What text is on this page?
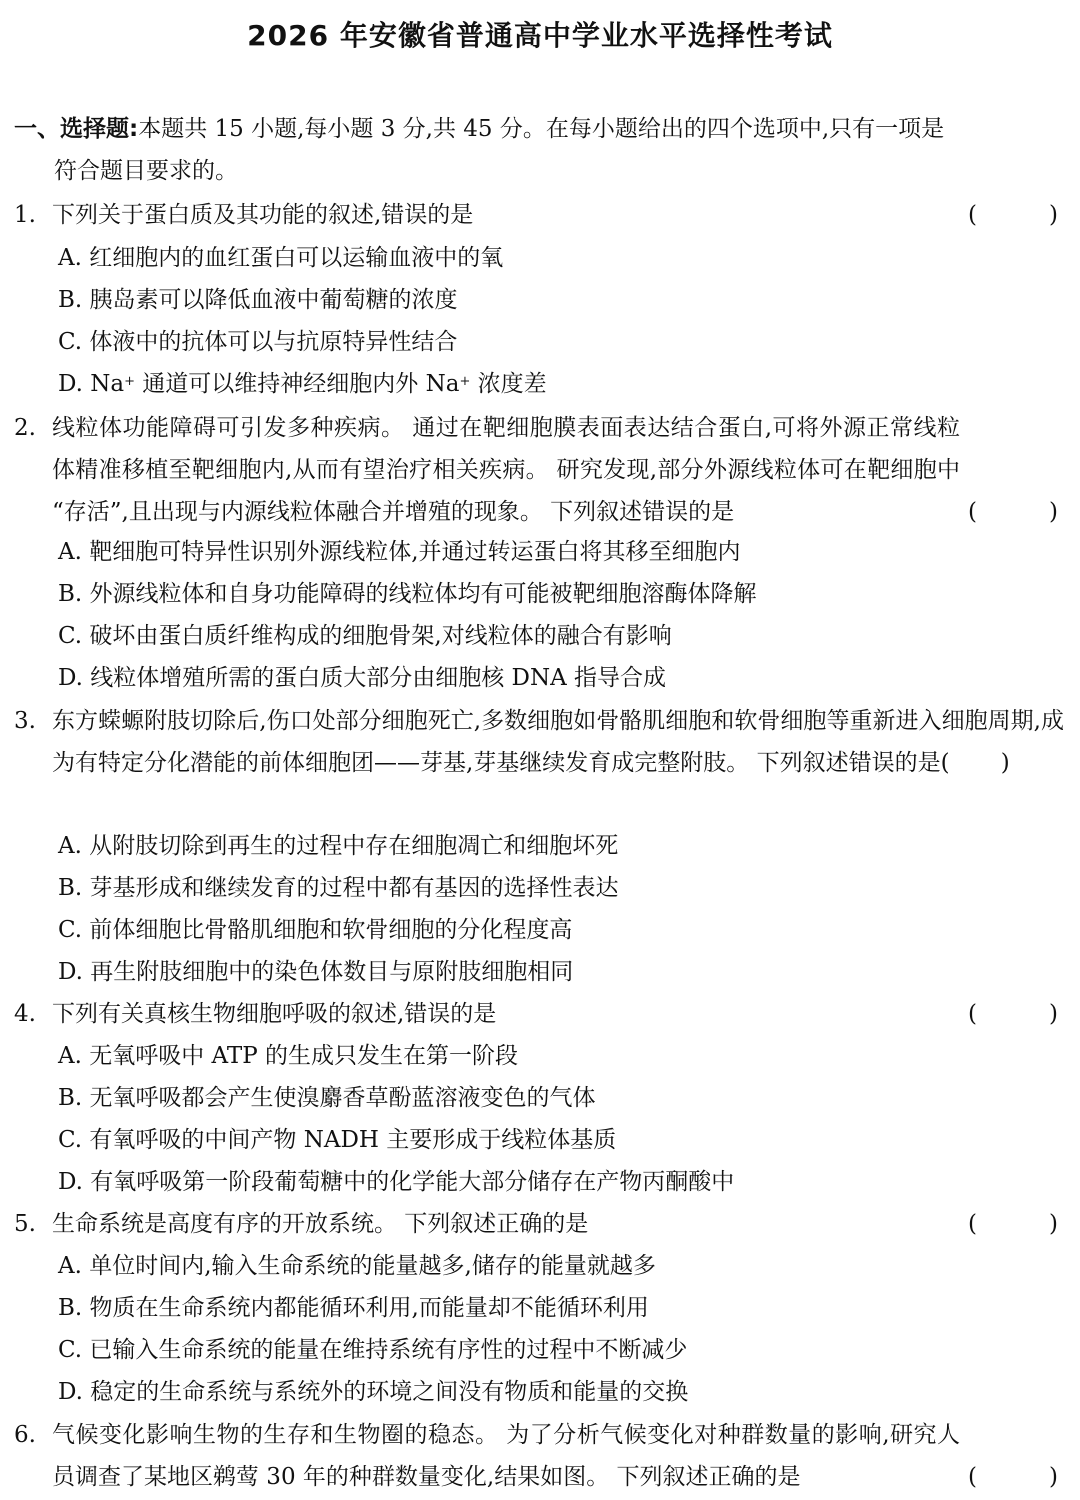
2026 年安徽省普通高中学业水平选择性考试
一、选择题:本题共 15 小题,每小题 3 分,共 45 分。在每小题给出的四个选项中,只有一项是
符合题目要求的。
1. 下列关于蛋白质及其功能的叙述,错误的是	(	)
A. 红细胞内的血红蛋白可以运输血液中的氧
B. 胰岛素可以降低血液中葡萄糖的浓度
C. 体液中的抗体可以与抗原特异性结合
D. Na+ 通道可以维持神经细胞内外 Na+ 浓度差
2. 线粒体功能障碍可引发多种疾病。 通过在靶细胞膜表面表达结合蛋白,可将外源正常线粒体精准移植至靶细胞内,从而有望治疗相关疾病。 研究发现,部分外源线粒体可在靶细胞中 “存活”,且出现与内源线粒体融合并增殖的现象。 下列叙述错误的是	(	)
A. 靶细胞可特异性识别外源线粒体,并通过转运蛋白将其移至细胞内
B. 外源线粒体和自身功能障碍的线粒体均有可能被靶细胞溶酶体降解
C. 破坏由蛋白质纤维构成的细胞骨架,对线粒体的融合有影响
D. 线粒体增殖所需的蛋白质大部分由细胞核 DNA 指导合成
3. 东方蝾螈附肢切除后,伤口处部分细胞死亡,多数细胞如骨骼肌细胞和软骨细胞等重新进入细胞周期,成为有特定分化潜能的前体细胞团——芽基,芽基继续发育成完整附肢。 下列叙述错误的是(       )
A. 从附肢切除到再生的过程中存在细胞凋亡和细胞坏死
B. 芽基形成和继续发育的过程中都有基因的选择性表达
C. 前体细胞比骨骼肌细胞和软骨细胞的分化程度高
D. 再生附肢细胞中的染色体数目与原附肢细胞相同
4. 下列有关真核生物细胞呼吸的叙述,错误的是	(	)
A. 无氧呼吸中 ATP 的生成只发生在第一阶段
B. 无氧呼吸都会产生使溴麝香草酚蓝溶液变色的气体
C. 有氧呼吸的中间产物 NADH 主要形成于线粒体基质
D. 有氧呼吸第一阶段葡萄糖中的化学能大部分储存在产物丙酮酸中
5. 生命系统是高度有序的开放系统。 下列叙述正确的是	(	)
A. 单位时间内,输入生命系统的能量越多,储存的能量就越多
B. 物质在生命系统内都能循环利用,而能量却不能循环利用
C. 已输入生命系统的能量在维持系统有序性的过程中不断减少
D. 稳定的生命系统与系统外的环境之间没有物质和能量的交换
6. 气候变化影响生物的生存和生物圈的稳态。 为了分析气候变化对种群数量的影响,研究人员调查了某地区鹈莺 30 年的种群数量变化,结果如图。 下列叙述正确的是	(	)
